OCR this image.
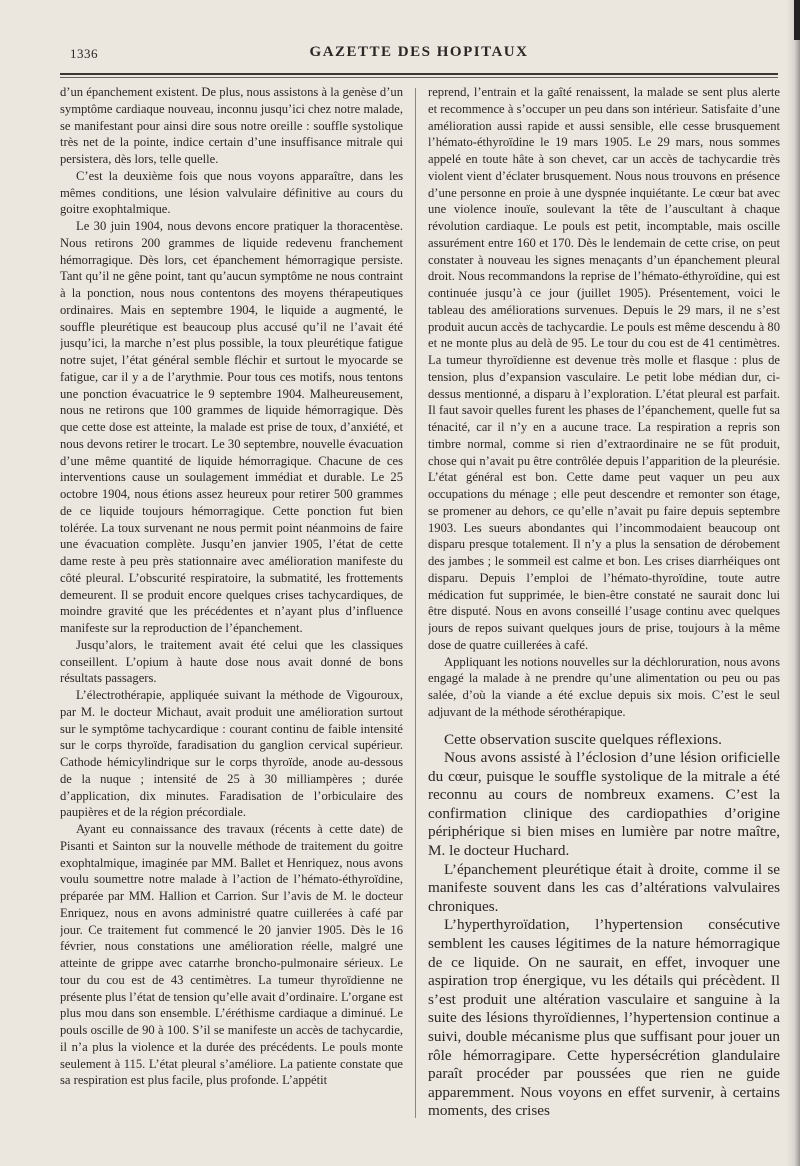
1336	GAZETTE DES HOPITAUX

d’un épanchement existent. De plus, nous assistons à la genèse d’un symptôme cardiaque nouveau, inconnu jusqu’ici chez notre malade, se manifestant pour ainsi dire sous notre oreille : souffle systolique très net de la pointe, indice certain d’une insuffisance mitrale qui persistera, dès lors, telle quelle.

C’est la deuxième fois que nous voyons apparaître, dans les mêmes conditions, une lésion valvulaire définitive au cours du goitre exophtalmique.

Le 30 juin 1904, nous devons encore pratiquer la thoracentèse. Nous retirons 200 grammes de liquide redevenu franchement hémorragique. Dès lors, cet épanchement hémorragique persiste. Tant qu’il ne gêne point, tant qu’aucun symptôme ne nous contraint à la ponction, nous nous contentons des moyens thérapeutiques ordinaires. Mais en septembre 1904, le liquide a augmenté, le souffle pleurétique est beaucoup plus accusé qu’il ne l’avait été jusqu’ici, la marche n’est plus possible, la toux pleurétique fatigue notre sujet, l’état général semble fléchir et surtout le myocarde se fatigue, car il y a de l’arythmie. Pour tous ces motifs, nous tentons une ponction évacuatrice le 9 septembre 1904. Malheureusement, nous ne retirons que 100 grammes de liquide hémorragique. Dès que cette dose est atteinte, la malade est prise de toux, d’anxiété, et nous devons retirer le trocart. Le 30 septembre, nouvelle évacuation d’une même quantité de liquide hémorragique. Chacune de ces interventions cause un soulagement immédiat et durable. Le 25 octobre 1904, nous étions assez heureux pour retirer 500 grammes de ce liquide toujours hémorragique. Cette ponction fut bien tolérée. La toux survenant ne nous permit point néanmoins de faire une évacuation complète. Jusqu’en janvier 1905, l’état de cette dame reste à peu près stationnaire avec amélioration manifeste du côté pleural. L’obscurité respiratoire, la submatité, les frottements demeurent. Il se produit encore quelques crises tachycardiques, de moindre gravité que les précédentes et n’ayant plus d’influence manifeste sur la reproduction de l’épanchement.

Jusqu’alors, le traitement avait été celui que les classiques conseillent. L’opium à haute dose nous avait donné de bons résultats passagers.

L’électrothérapie, appliquée suivant la méthode de Vigouroux, par M. le docteur Michaut, avait produit une amélioration surtout sur le symptôme tachycardique : courant continu de faible intensité sur le corps thyroïde, faradisation du ganglion cervical supérieur. Cathode hémicylindrique sur le corps thyroïde, anode au-dessous de la nuque ; intensité de 25 à 30 milliampères ; durée d’application, dix minutes. Faradisation de l’orbiculaire des paupières et de la région précordiale.

Ayant eu connaissance des travaux (récents à cette date) de Pisanti et Sainton sur la nouvelle méthode de traitement du goitre exophtalmique, imaginée par MM. Ballet et Henriquez, nous avons voulu soumettre notre malade à l’action de l’hémato-éthyroïdine, préparée par MM. Hallion et Carrion. Sur l’avis de M. le docteur Enriquez, nous en avons administré quatre cuillerées à café par jour. Ce traitement fut commencé le 20 janvier 1905. Dès le 16 février, nous constations une amélioration réelle, malgré une atteinte de grippe avec catarrhe broncho-pulmonaire sérieux. Le tour du cou est de 43 centimètres. La tumeur thyroïdienne ne présente plus l’état de tension qu’elle avait d’ordinaire. L’organe est plus mou dans son ensemble. L’éréthisme cardiaque a diminué. Le pouls oscille de 90 à 100. S’il se manifeste un accès de tachycardie, il n’a plus la violence et la durée des précédents. Le pouls monte seulement à 115. L’état pleural s’améliore. La patiente constate que sa respiration est plus facile, plus profonde. L’appétit

reprend, l’entrain et la gaîté renaissent, la malade se sent plus alerte et recommence à s’occuper un peu dans son intérieur. Satisfaite d’une amélioration aussi rapide et aussi sensible, elle cesse brusquement l’hémato-éthyroïdine le 19 mars 1905. Le 29 mars, nous sommes appelé en toute hâte à son chevet, car un accès de tachycardie très violent vient d’éclater brusquement. Nous nous trouvons en présence d’une personne en proie à une dyspnée inquiétante. Le cœur bat avec une violence inouïe, soulevant la tête de l’auscultant à chaque révolution cardiaque. Le pouls est petit, incomptable, mais oscille assurément entre 160 et 170. Dès le lendemain de cette crise, on peut constater à nouveau les signes menaçants d’un épanchement pleural droit. Nous recommandons la reprise de l’hémato-éthyroïdine, qui est continuée jusqu’à ce jour (juillet 1905). Présentement, voici le tableau des améliorations survenues. Depuis le 29 mars, il ne s’est produit aucun accès de tachycardie. Le pouls est même descendu à 80 et ne monte plus au delà de 95. Le tour du cou est de 41 centimètres. La tumeur thyroïdienne est devenue très molle et flasque : plus de tension, plus d’expansion vasculaire. Le petit lobe médian dur, ci-dessus mentionné, a disparu à l’exploration. L’état pleural est parfait. Il faut savoir quelles furent les phases de l’épanchement, quelle fut sa ténacité, car il n’y en a aucune trace. La respiration a repris son timbre normal, comme si rien d’extraordinaire ne se fût produit, chose qui n’avait pu être contrôlée depuis l’apparition de la pleurésie. L’état général est bon. Cette dame peut vaquer un peu aux occupations du ménage ; elle peut descendre et remonter son étage, se promener au dehors, ce qu’elle n’avait pu faire depuis septembre 1903. Les sueurs abondantes qui l’incommodaient beaucoup ont disparu presque totalement. Il n’y a plus la sensation de dérobement des jambes ; le sommeil est calme et bon. Les crises diarrhéiques ont disparu. Depuis l’emploi de l’hémato-thyroïdine, toute autre médication fut supprimée, le bien-être constaté ne saurait donc lui être disputé. Nous en avons conseillé l’usage continu avec quelques jours de repos suivant quelques jours de prise, toujours à la même dose de quatre cuillerées à café.

Appliquant les notions nouvelles sur la déchloruration, nous avons engagé la malade à ne prendre qu’une alimentation ou peu ou pas salée, d’où la viande a été exclue depuis six mois. C’est le seul adjuvant de la méthode sérothérapique.

Cette observation suscite quelques réflexions.

Nous avons assisté à l’éclosion d’une lésion orificielle du cœur, puisque le souffle systolique de la mitrale a été reconnu au cours de nombreux examens. C’est la confirmation clinique des cardiopathies d’origine périphérique si bien mises en lumière par notre maître, M. le docteur Huchard.

L’épanchement pleurétique était à droite, comme il se manifeste souvent dans les cas d’altérations valvulaires chroniques.

L’hyperthyroïdation, l’hypertension consécutive semblent les causes légitimes de la nature hémorragique de ce liquide. On ne saurait, en effet, invoquer une aspiration trop énergique, vu les détails qui précèdent. Il s’est produit une altération vasculaire et sanguine à la suite des lésions thyroïdiennes, l’hypertension continue a suivi, double mécanisme plus que suffisant pour jouer un rôle hémorragipare. Cette hypersécrétion glandulaire paraît procéder par poussées que rien ne guide apparemment. Nous voyons en effet survenir, à certains moments, des crises
